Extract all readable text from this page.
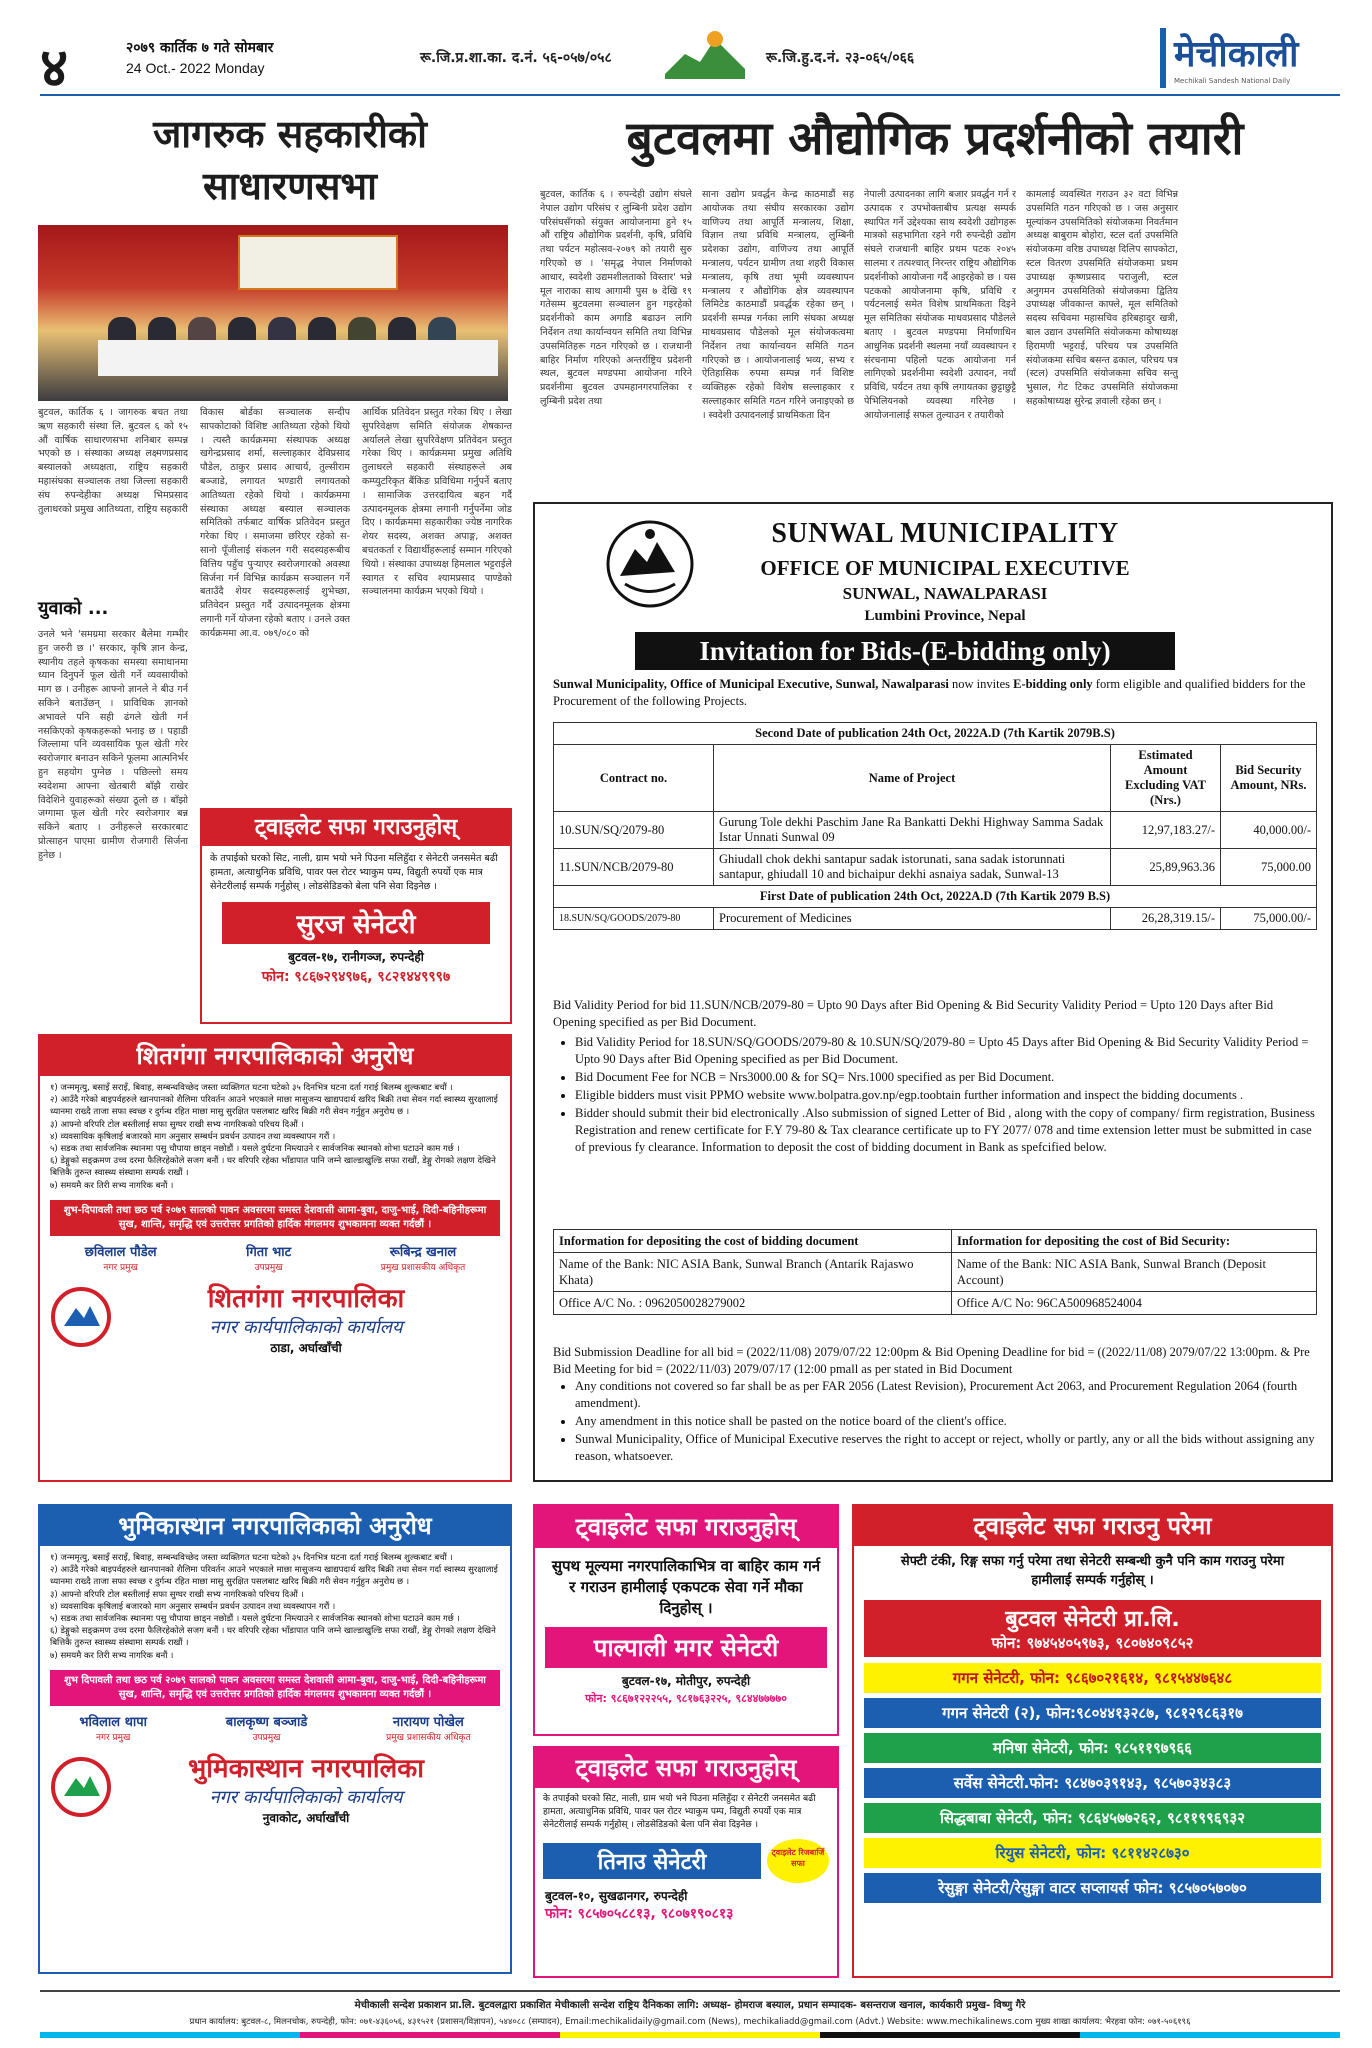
४	२०७९ कार्तिक ७ गते सोमबार
24 Oct.- 2022 Monday
रू.जि.प्र.शा.का. द.नं. ५६-०५७/०५८	रू.जि.हु.द.नं. २३-०६५/०६६	मेचीकाली
Mechikali Sandesh National Daily
जागरुक सहकारीको साधारणसभा
बुटवल, कार्तिक ६ । जागरुक बचत तथा ऋण सहकारी संस्था लि. बुटवल ६ को १५ औं वार्षिक साधारणसभा शनिबार सम्पन्न भएको छ । संस्थाका अध्यक्ष लक्ष्मणप्रसाद बस्यालको अध्यक्षता, राष्ट्रिय सहकारी महासंघका सञ्चालक तथा जिल्ला सहकारी संघ रुपन्देहीका अध्यक्ष भिमप्रसाद तुलाधरको प्रमुख आतिथ्यता, राष्ट्रिय सहकारी
विकास बोर्डका सञ्चालक सन्दीप सापकोटाको विशिष्ट आतिथ्यता रहेको थियो । त्यस्तै कार्यक्रममा संस्थापक अध्यक्ष खगेन्द्रप्रसाद शर्मा, सल्लाहकार देविप्रसाद पौडेल, ठाकुर प्रसाद आचार्य, तुल्सीराम बञ्जाडे, लगायत भण्डारी लगायतको आतिथ्यता रहेको थियो । कार्यक्रममा संस्थाका अध्यक्ष बस्याल सञ्चालक समितिको तर्फबाट वार्षिक प्रतिवेदन प्रस्तुत गरेका थिए । समाजमा छरिएर रहेको स-सानो पूँजीलाई संकलन गरी सदस्यहरूबीच वित्तिय पहुँच पुऱ्याएर स्वरोजगारको अवस्था सिर्जना गर्न विभिन्न कार्यक्रम सञ्चालन गर्ने बताउँदै शेयर सदस्यहरूलाई शुभेच्छा, प्रतिवेदन प्रस्तुत गर्दै उत्पादनमूलक क्षेत्रमा लगानी गर्ने योजना रहेको बताए । उनले उक्त कार्यक्रममा आ.व. ०७९/०८० को
आर्थिक प्रतिवेदन प्रस्तुत गरेका थिए । लेखा सुपरिवेक्षण समिति संयोजक शेषकान्त अर्यालले लेखा सुपरिवेक्षण प्रतिवेदन प्रस्तुत गरेका थिए । कार्यक्रममा प्रमुख अतिथि तुलाधरले सहकारी संस्थाहरूले अब कम्प्युटरिकृत बैंकिङ प्रविधिमा गर्नुपर्ने बताए । सामाजिक उत्तरदायित्व बहन गर्दै उत्पादनमूलक क्षेत्रमा लगानी गर्नुपर्नेमा जोड दिए । कार्यक्रममा सहकारीका ज्येष्ठ नागरिक शेयर सदस्य, अशक्त अपाङ्ग, अशक्त बचतकर्ता र विद्यार्थीहरूलाई सम्मान गरिएको थियो । संस्थाका उपाध्यक्ष हिमलाल भट्टराईले स्वागत र सचिव श्यामप्रसाद पाण्डेको सञ्चालनमा कार्यक्रम भएको थियो ।
युवाको ...
उनले भने 'समग्रमा सरकार बैलेमा गम्भीर हुन जरुरी छ ।' सरकार, कृषि ज्ञान केन्द्र, स्थानीय तहले कृषकका समस्या समाधानमा ध्यान दिनुपर्ने फूल खेती गर्ने व्यवसायीको माग छ । उनीहरू आफ्नो ज्ञानले ने बीउ गर्न सकिने बताउँछन् । प्राविधिक ज्ञानको अभावले पनि सही ढंगले खेती गर्न नसकिएको कृषकहरूको भनाइ छ । पहाडी जिल्लामा पनि व्यवसायिक फूल खेती गरेर स्वरोजगार बनाउन सकिने फूलमा आत्मनिर्भर हुन सहयोग पुग्नेछ । पछिल्लो समय स्वदेशमा आफ्ना खेतबारी बाँझै राखेर विदेशिने युवाहरूको संख्या ठूलो छ । बाँझो जग्गामा फूल खेती गरेर स्वरोजगार बन्न सकिने बताए । उनीहरूले सरकारबाट प्रोत्साहन पाएमा ग्रामीण रोजगारी सिर्जना हुनेछ ।
बुटवलमा औद्योगिक प्रदर्शनीको तयारी
बुटवल, कार्तिक ६ । रुपन्देही उद्योग संघले नेपाल उद्योग परिसंघ र लुम्बिनी प्रदेश उद्योग परिसंघसँगको संयुक्त आयोजनामा हुने १५ औं राष्ट्रिय औद्योगिक प्रदर्शनी, कृषि, प्रविधि तथा पर्यटन महोत्सव-२०७९ को तयारी सुरु गरिएको छ । 'समृद्ध नेपाल निर्माणको आधार, स्वदेशी उद्यमशीलताको विस्तार' भन्ने मूल नाराका साथ आगामी पुस ७ देखि १९ गतेसम्म बुटवलमा सञ्चालन हुन गइरहेको प्रदर्शनीको काम अगाडि बढाउन लागि निर्देशन तथा कार्यान्वयन समिति तथा विभिन्न उपसमितिहरू गठन गरिएको छ । राजधानी बाहिर निर्माण गरिएको अन्तर्राष्ट्रिय प्रदेशनी स्थल, बुटवल मण्डपमा आयोजना गरिने प्रदर्शनीमा बुटवल उपमहानगरपालिका र लुम्बिनी प्रदेश तथा
साना उद्योग प्रवर्द्धन केन्द्र काठमाडौं सह आयोजक तथा संघीय सरकारका उद्योग वाणिज्य तथा आपूर्ति मन्त्रालय, शिक्षा, विज्ञान तथा प्रविधि मन्त्रालय, लुम्बिनी प्रदेशका उद्योग, वाणिज्य तथा आपूर्ति मन्त्रालय, पर्यटन ग्रामीण तथा शहरी विकास मन्त्रालय, कृषि तथा भूमी व्यवस्थापन मन्त्रालय र औद्योगिक क्षेत्र व्यवस्थापन लिमिटेड काठमाडौं प्रवर्द्धक रहेका छन् । प्रदर्शनी सम्पन्न गर्नका लागि संघका अध्यक्ष माधवप्रसाद पौडेलको मूल संयोजकत्वमा निर्देशन तथा कार्यान्वयन समिति गठन गरिएको छ । आयोजनालाई भव्य, सभ्य र ऐतिहासिक रुपमा सम्पन्न गर्न विशिष्ट व्यक्तिहरू रहेको विशेष सल्लाहकार र सल्लाहकार समिति गठन गरिने जनाइएको छ । स्वदेशी उत्पादनलाई प्राथमिकता दिन
नेपाली उत्पादनका लागि बजार प्रवर्द्धन गर्न र उत्पादक र उपभोक्ताबीच प्रत्यक्ष सम्पर्क स्थापित गर्ने उद्देश्यका साथ स्वदेशी उद्योगहरू मात्रको सहभागिता रहने गरी रुपन्देही उद्योग संघले राजधानी बाहिर प्रथम पटक २०४५ सालमा र तत्पश्चात् निरन्तर राष्ट्रिय औद्योगिक प्रदर्शनीको आयोजना गर्दै आइरहेको छ । यस पटकको आयोजनामा कृषि, प्रविधि र पर्यटनलाई समेत विशेष प्राथमिकता दिइने मूल समितिका संयोजक माधवप्रसाद पौडेलले बताए । बुटवल मण्डपमा निर्माणाधिन आधुनिक प्रदर्शनी स्थलमा नयाँ व्यवस्थापन र संरचनामा पहिलो पटक आयोजना गर्न लागिएको प्रदर्शनीमा स्वदेशी उत्पादन, नयाँ प्रविधि, पर्यटन तथा कृषि लगायतका छुट्टाछुट्टै पेभिलियनको व्यवस्था गरिनेछ । आयोजनालाई सफल तुल्याउन र तयारीको
कामलाई व्यवस्थित गराउन ३२ वटा विभिन्न उपसमिति गठन गरिएको छ । जस अनुसार मूल्यांकन उपसमितिको संयोजकमा निवर्तमान अध्यक्ष बाबुराम बोहोरा, स्टल दर्ता उपसमिति संयोजकमा वरिष्ठ उपाध्यक्ष दिलिप सापकोटा, स्टल वितरण उपसमिति संयोजकमा प्रथम उपाध्यक्ष कृष्णप्रसाद पराजुली, स्टल अनुगमन उपसमितिको संयोजकमा द्वितिय उपाध्यक्ष जीवकान्त काफ्ले, मूल समितिको सदस्य सचिवमा महासचिव हरिबहादुर खत्री, बाल उद्यान उपसमिति संयोजकमा कोषाध्यक्ष हिरामणी भट्टराई, परिचय पत्र उपसमिति संयोजकमा सचिव बसन्त ढकाल, परिचय पत्र (स्टल) उपसमिति संयोजकमा सचिव सन्तु भुसाल, गेट टिकट उपसमिति संयोजकमा सहकोषाध्यक्ष सुरेन्द्र ज्ञवाली रहेका छन् ।
SUNWAL MUNICIPALITY
OFFICE OF MUNICIPAL EXECUTIVE
SUNWAL, NAWALPARASI
Lumbini Province, Nepal
Invitation for Bids-(E-bidding only)
Sunwal Municipality, Office of Municipal Executive, Sunwal, Nawalparasi now invites E-bidding only form eligible and qualified bidders for the Procurement of the following Projects.
Second Date of publication 24th Oct, 2022A.D (7th Kartik 2079B.S)			
Contract no.	Name of Project	Estimated Amount Excluding VAT (Nrs.)	Bid Security Amount, NRs.
10.SUN/SQ/2079-80	Gurung Tole dekhi Paschim Jane Ra Bankatti Dekhi Highway Samma Sadak Istar Unnati Sunwal 09	12,97,183.27/-	40,000.00/-
11.SUN/NCB/2079-80	Ghiudall chok dekhi santapur sadak istorunati, sana sadak istorunnati santapur, ghiudall 10 and bichaipur dekhi asnaiya sadak, Sunwal-13	25,89,963.36	75,000.00
First Date of publication 24th Oct, 2022A.D (7th Kartik 2079 B.S)			
18.SUN/SQ/GOODS/2079-80	Procurement of Medicines	26,28,319.15/-	75,000.00/-
Bid Validity Period for bid 11.SUN/NCB/2079-80 = Upto 90 Days after Bid Opening & Bid Security Validity Period = Upto 120 Days after Bid Opening specified as per Bid Document.
• Bid Validity Period for 18.SUN/SQ/GOODS/2079-80 & 10.SUN/SQ/2079-80 = Upto 45 Days after Bid Opening & Bid Security Validity Period = Upto 90 Days after Bid Opening specified as per Bid Document.
• Bid Document Fee for NCB = Nrs3000.00 & for SQ= Nrs.1000 specified as per Bid Document.
• Eligible bidders must visit PPMO website www.bolpatra.gov.np/egp.toobtain further information and inspect the bidding documents .
• Bidder should submit their bid electronically .Also submission of signed Letter of Bid , along with the copy of company/ firm registration, Business Registration and renew certificate for F.Y 79-80 & Tax clearance certificate up to FY 2077/ 078 and time extension letter must be submitted in case of previous fy clearance. Information to deposit the cost of bidding document in Bank as spefcified below.
Information for depositing the cost of bidding document	Information for depositing the cost of Bid Security:
Name of the Bank: NIC ASIA Bank, Sunwal Branch (Antarik Rajaswo Khata)	Name of the Bank: NIC ASIA Bank, Sunwal Branch (Deposit Account)
Office A/C No. : 0962050028279002	Office A/C No: 96CA500968524004
Bid Submission Deadline for all bid = (2022/11/08) 2079/07/22 12:00pm & Bid Opening Deadline for bid = ((2022/11/08) 2079/07/22 13:00pm. & Pre Bid Meeting for bid = (2022/11/03) 2079/07/17 (12:00 pmall as per stated in Bid Document
• Any conditions not covered so far shall be as per FAR 2056 (Latest Revision), Procurement Act 2063, and Procurement Regulation 2064 (fourth amendment).
• Any amendment in this notice shall be pasted on the notice board of the client's office.
• Sunwal Municipality, Office of Municipal Executive reserves the right to accept or reject, wholly or partly, any or all the bids without assigning any reason, whatsoever.
ट्वाइलेट सफा गराउनुहोस्
के तपाईको घरको सिट, नाली, ग्राम भयो भने पिउना मलिहुँदा र सेनेटरी जनसमेत बढी हामता, अत्याधुनिक प्रविधि, पावर फ्ल रोटर भ्याकुम पम्प, विद्युती रुपर्यो एक मात्र सेनेटरीलाई सम्पर्क गर्नुहोस् । लोडसेडिङको बेला पनि सेवा दिइनेछ ।
सुरज सेनेटरी
बुटवल-१७, रानीगञ्ज, रुपन्देही
फोन: ९८६७२९४९७६, ९८२१४४९९९७
शितगंगा नगरपालिकाको अनुरोध
१) जन्ममृत्यु, बसाइँ सराइँ, बिवाह, सम्बन्धविच्छेद जस्ता व्यक्तिगत घटना घटेको ३५ दिनभित्र घटना दर्ता गराई बिलम्ब शुल्कबाट बचौं ।
२) आउँदै गरेको बाइपर्वहरुले खानपानको शैलिमा परिवर्तन आउने भएकाले माछा मासुजन्य खाद्यपदार्थ खरिद बिक्री तथा सेवन गर्दा स्वास्थ्य सुरक्षालाई ध्यानमा राख्दै ताजा सफा स्वच्छ र दुर्गन्ध रहित माछा मासु सुरक्षित पसलबाट खरिद बिक्री गरी सेवन गर्नुहुन अनुरोध छ ।
३) आफ्नो वरिपरि टोल बस्तीलाई सफा सुग्घर राखी सभ्य नागरिकको परिचय दिऔं ।
४) व्यवसायिक कृषिलाई बजारको माग अनुसार सम्बर्धन प्रवर्धन उत्पादन तथा व्यवस्थापन गरौं ।
५) सडक तथा सार्वजनिक स्थानमा पसु चौपाया छाड्न नछोडौं । यसले दुर्घटना निम्त्याउने र सार्वजनिक स्थानको शोभा घटाउने काम गर्छ ।
६) डेङ्गुको सङ्क्रमण उच्च दरमा फैलिरहेकोले सजग बनौं । घर वरिपरि रहेका भाँडापात पानि जम्ने खाल्डाखुल्डि सफा राखौं, डेङ्गु रोगको लक्षण देखिने बित्तिकै तुरुन्त स्वास्थ्य संस्थामा सम्पर्क राखौं ।
७) समयमै कर तिरी सभ्य नागरिक बनौं ।
शुभ-दिपावली तथा छठ पर्व २०७९ सालको पावन अवसरमा समस्त देशवासी आमा-बुवा, दाजु-भाई, दिदी-बहिनीहरूमा सुख, शान्ति, समृद्धि एवं उत्तरोत्तर प्रगतिको हार्दिक मंगलमय शुभकामना व्यक्त गर्दछौं ।
छविलाल पौडेल
नगर प्रमुख
गिता भाट
उपप्रमुख
रूबिन्द्र खनाल
प्रमुख प्रशासकीय अधिकृत
शितगंगा नगरपालिका
नगर कार्यपालिकाको कार्यालय
ठाडा, अर्घाखाँची
भुमिकास्थान नगरपालिकाको अनुरोध
१) जन्ममृत्यु, बसाइँ सराइँ, बिवाह, सम्बन्धविच्छेद जस्ता व्यक्तिगत घटना घटेको ३५ दिनभित्र घटना दर्ता गराई बिलम्ब शुल्कबाट बचौं ।
२) आउँदै गरेको बाइपर्वहरुले खानपानको शैलिमा परिवर्तन आउने भएकाले माछा मासुजन्य खाद्यपदार्थ खरिद बिक्री तथा सेवन गर्दा स्वास्थ्य सुरक्षालाई ध्यानमा राख्दै ताजा सफा स्वच्छ र दुर्गन्ध रहित माछा मासु सुरक्षित पसलबाट खरिद बिक्री गरी सेवन गर्नुहुन अनुरोध छ ।
३) आफ्नो वरिपरि टोल बस्तीलाई सफा सुग्घर राखी सभ्य नागरिकको परिचय दिऔं ।
४) व्यवसायिक कृषिलाई बजारको माग अनुसार सम्बर्धन प्रवर्धन उत्पादन तथा व्यवस्थापन गरौं ।
५) सडक तथा सार्वजनिक स्थानमा पसु चौपाया छाड्न नछोडौं । यसले दुर्घटना निम्त्याउने र सार्वजनिक स्थानको शोभा घटाउने काम गर्छ ।
६) डेङ्गुको सङ्क्रमण उच्च दरमा फैलिरहेकोले सजग बनौं । घर वरिपरि रहेका भाँडापात पानि जम्ने खाल्डाखुल्डि सफा राखौं, डेङ्गु रोगको लक्षण देखिने बित्तिकै तुरुन्त स्वास्थ्य संस्थामा सम्पर्क राखौं ।
७) समयमै कर तिरी सभ्य नागरिक बनौं ।
शुभ दिपावली तथा छठ पर्व २०७९ सालको पावन अवसरमा समस्त देशवासी आमा-बुवा, दाजु-भाई, दिदी-बहिनीहरूमा सुख, शान्ति, समृद्धि एवं उत्तरोत्तर प्रगतिको हार्दिक मंगलमय शुभकामना व्यक्त गर्दछौं ।
भविलाल थापा
नगर प्रमुख
बालकृष्ण बञ्जाडे
उपप्रमुख
नारायण पोखेल
प्रमुख प्रशासकीय अधिकृत
भुमिकास्थान नगरपालिका
नगर कार्यपालिकाको कार्यालय
नुवाकोट, अर्घाखाँची
ट्वाइलेट सफा गराउनुहोस्
सुपथ मूल्यमा नगरपालिकाभित्र वा बाहिर काम गर्न र गराउन हामीलाई एकपटक सेवा गर्ने मौका दिनुहोस् ।
पाल्पाली मगर सेनेटरी
बुटवल-१७, मोतीपुर, रुपन्देही
फोन: ९८६७१२२२५५, ९८१७६३२२५, ९८४४७७७७०
ट्वाइलेट सफा गराउनुहोस्
के तपाईको घरको सिट, नाली, ग्राम भयो भने पिउना मलिहुँदा र सेनेटरी जनसमेत बढी हामता, अत्याधुनिक प्रविधि, पावर फ्ल रोटर भ्याकुम पम्प, विद्युती रुपर्यो एक मात्र सेनेटरीलाई सम्पर्क गर्नुहोस् । लोडसेडिङको बेला पनि सेवा दिइनेछ ।
तिनाउ सेनेटरी	ट्वाइलेट रिजबार्जि सफा
बुटवल-१०, सुखढानगर, रुपन्देही
फोन: ९८५७०५८८१३, ९८०७१९०८१३
ट्वाइलेट सफा गराउनु परेमा
सेफ्टी टंकी, रिङ्ग सफा गर्नु परेमा तथा सेनेटरी सम्बन्धी कुनै पनि काम गराउनु परेमा हामीलाई सम्पर्क गर्नुहोस् ।
बुटवल सेनेटरी प्रा.लि.
फोन: ९७४५४०५९७३, ९८०७४०९८५२
गगन सेनेटरी, फोन: ९८६७०२१६१४, ९८१५४४७६४८
गगन सेनेटरी (२), फोन:९८०४४१३२८७, ९८१२९८६३१७
मनिषा सेनेटरी, फोन: ९८५११९७९६६
सर्वेस सेनेटरी.फोन: ९८४७०३९१४३, ९८५७०३४३८३
सिद्धबाबा सेनेटरी, फोन: ९८६४५७७२६२, ९८११९९६९३२
रियुस सेनेटरी, फोन: ९८११४२८७३०
रेसुङ्गा सेनेटरी/रेसुङ्गा वाटर सप्लायर्स फोन: ९८५७०५७०७०
मेचीकाली सन्देश प्रकाशन प्रा.लि. बुटवलद्वारा प्रकाशित मेचीकाली सन्देश राष्ट्रिय दैनिकका लागि: अध्यक्ष- होमराज बस्याल, प्रधान सम्पादक- बसन्तराज खनाल, कार्यकारी प्रमुख- विष्णु गैरे
प्रधान कार्यालय: बुटवल-८, मिलनचोक, रुपन्देही, फोन: ०७१-४३६०५६, ४३१५२१ (प्रशासन/विज्ञापन), ५४४०८८ (सम्पादन), Email:mechikalidaily@gmail.com (News), mechikaliadd@gmail.com (Advt.) Website: www.mechikalinews.com मुख्य शाखा कार्यालय: भैरहवा फोन: ०७१-५०६१९६
